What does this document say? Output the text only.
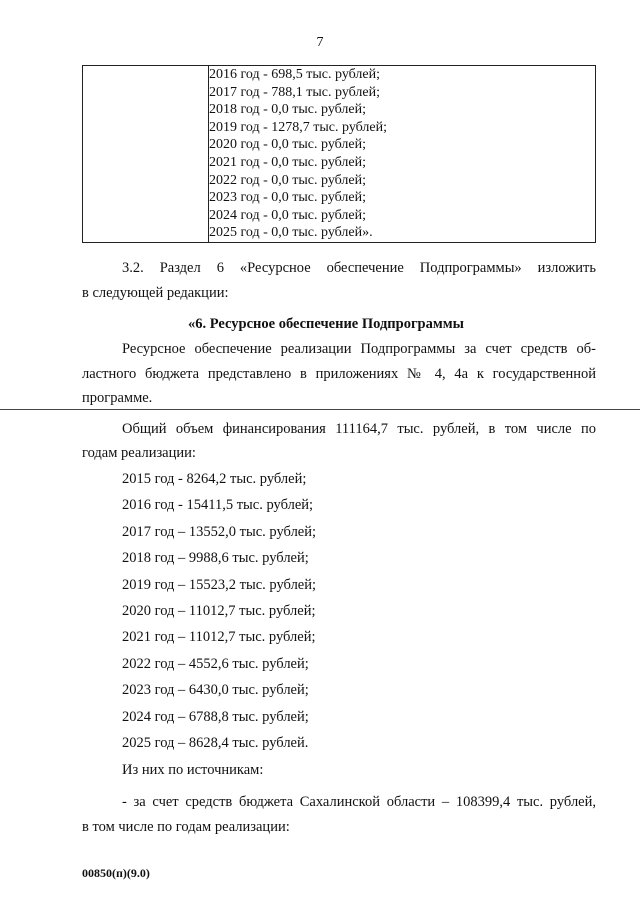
7

2016 год - 698,5 тыс. рублей;
2017 год - 788,1 тыс. рублей;
2018 год - 0,0 тыс. рублей;
2019 год - 1278,7 тыс. рублей;
2020 год - 0,0 тыс. рублей;
2021 год - 0,0 тыс. рублей;
2022 год - 0,0 тыс. рублей;
2023 год - 0,0 тыс. рублей;
2024 год - 0,0 тыс. рублей;
2025 год - 0,0 тыс. рублей».
3.2. Раздел 6 «Ресурсное обеспечение Подпрограммы» изложить
в следующей редакции:
«6. Ресурсное обеспечение Подпрограммы
Ресурсное обеспечение реализации Подпрограммы за счет средств об-
ластного бюджета представлено в приложениях № 4, 4а к государственной
программе.
Общий объем финансирования 111164,7 тыс. рублей, в том числе по
годам реализации:
2015 год - 8264,2 тыс. рублей;
2016 год - 15411,5 тыс. рублей;
2017 год – 13552,0 тыс. рублей;
2018 год – 9988,6 тыс. рублей;
2019 год – 15523,2 тыс. рублей;
2020 год – 11012,7 тыс. рублей;
2021 год – 11012,7 тыс. рублей;
2022 год – 4552,6 тыс. рублей;
2023 год – 6430,0 тыс. рублей;
2024 год – 6788,8 тыс. рублей;
2025 год – 8628,4 тыс. рублей.
Из них по источникам:
- за счет средств бюджета Сахалинской области – 108399,4 тыс. рублей,
в том числе по годам реализации:
00850(п)(9.0)
